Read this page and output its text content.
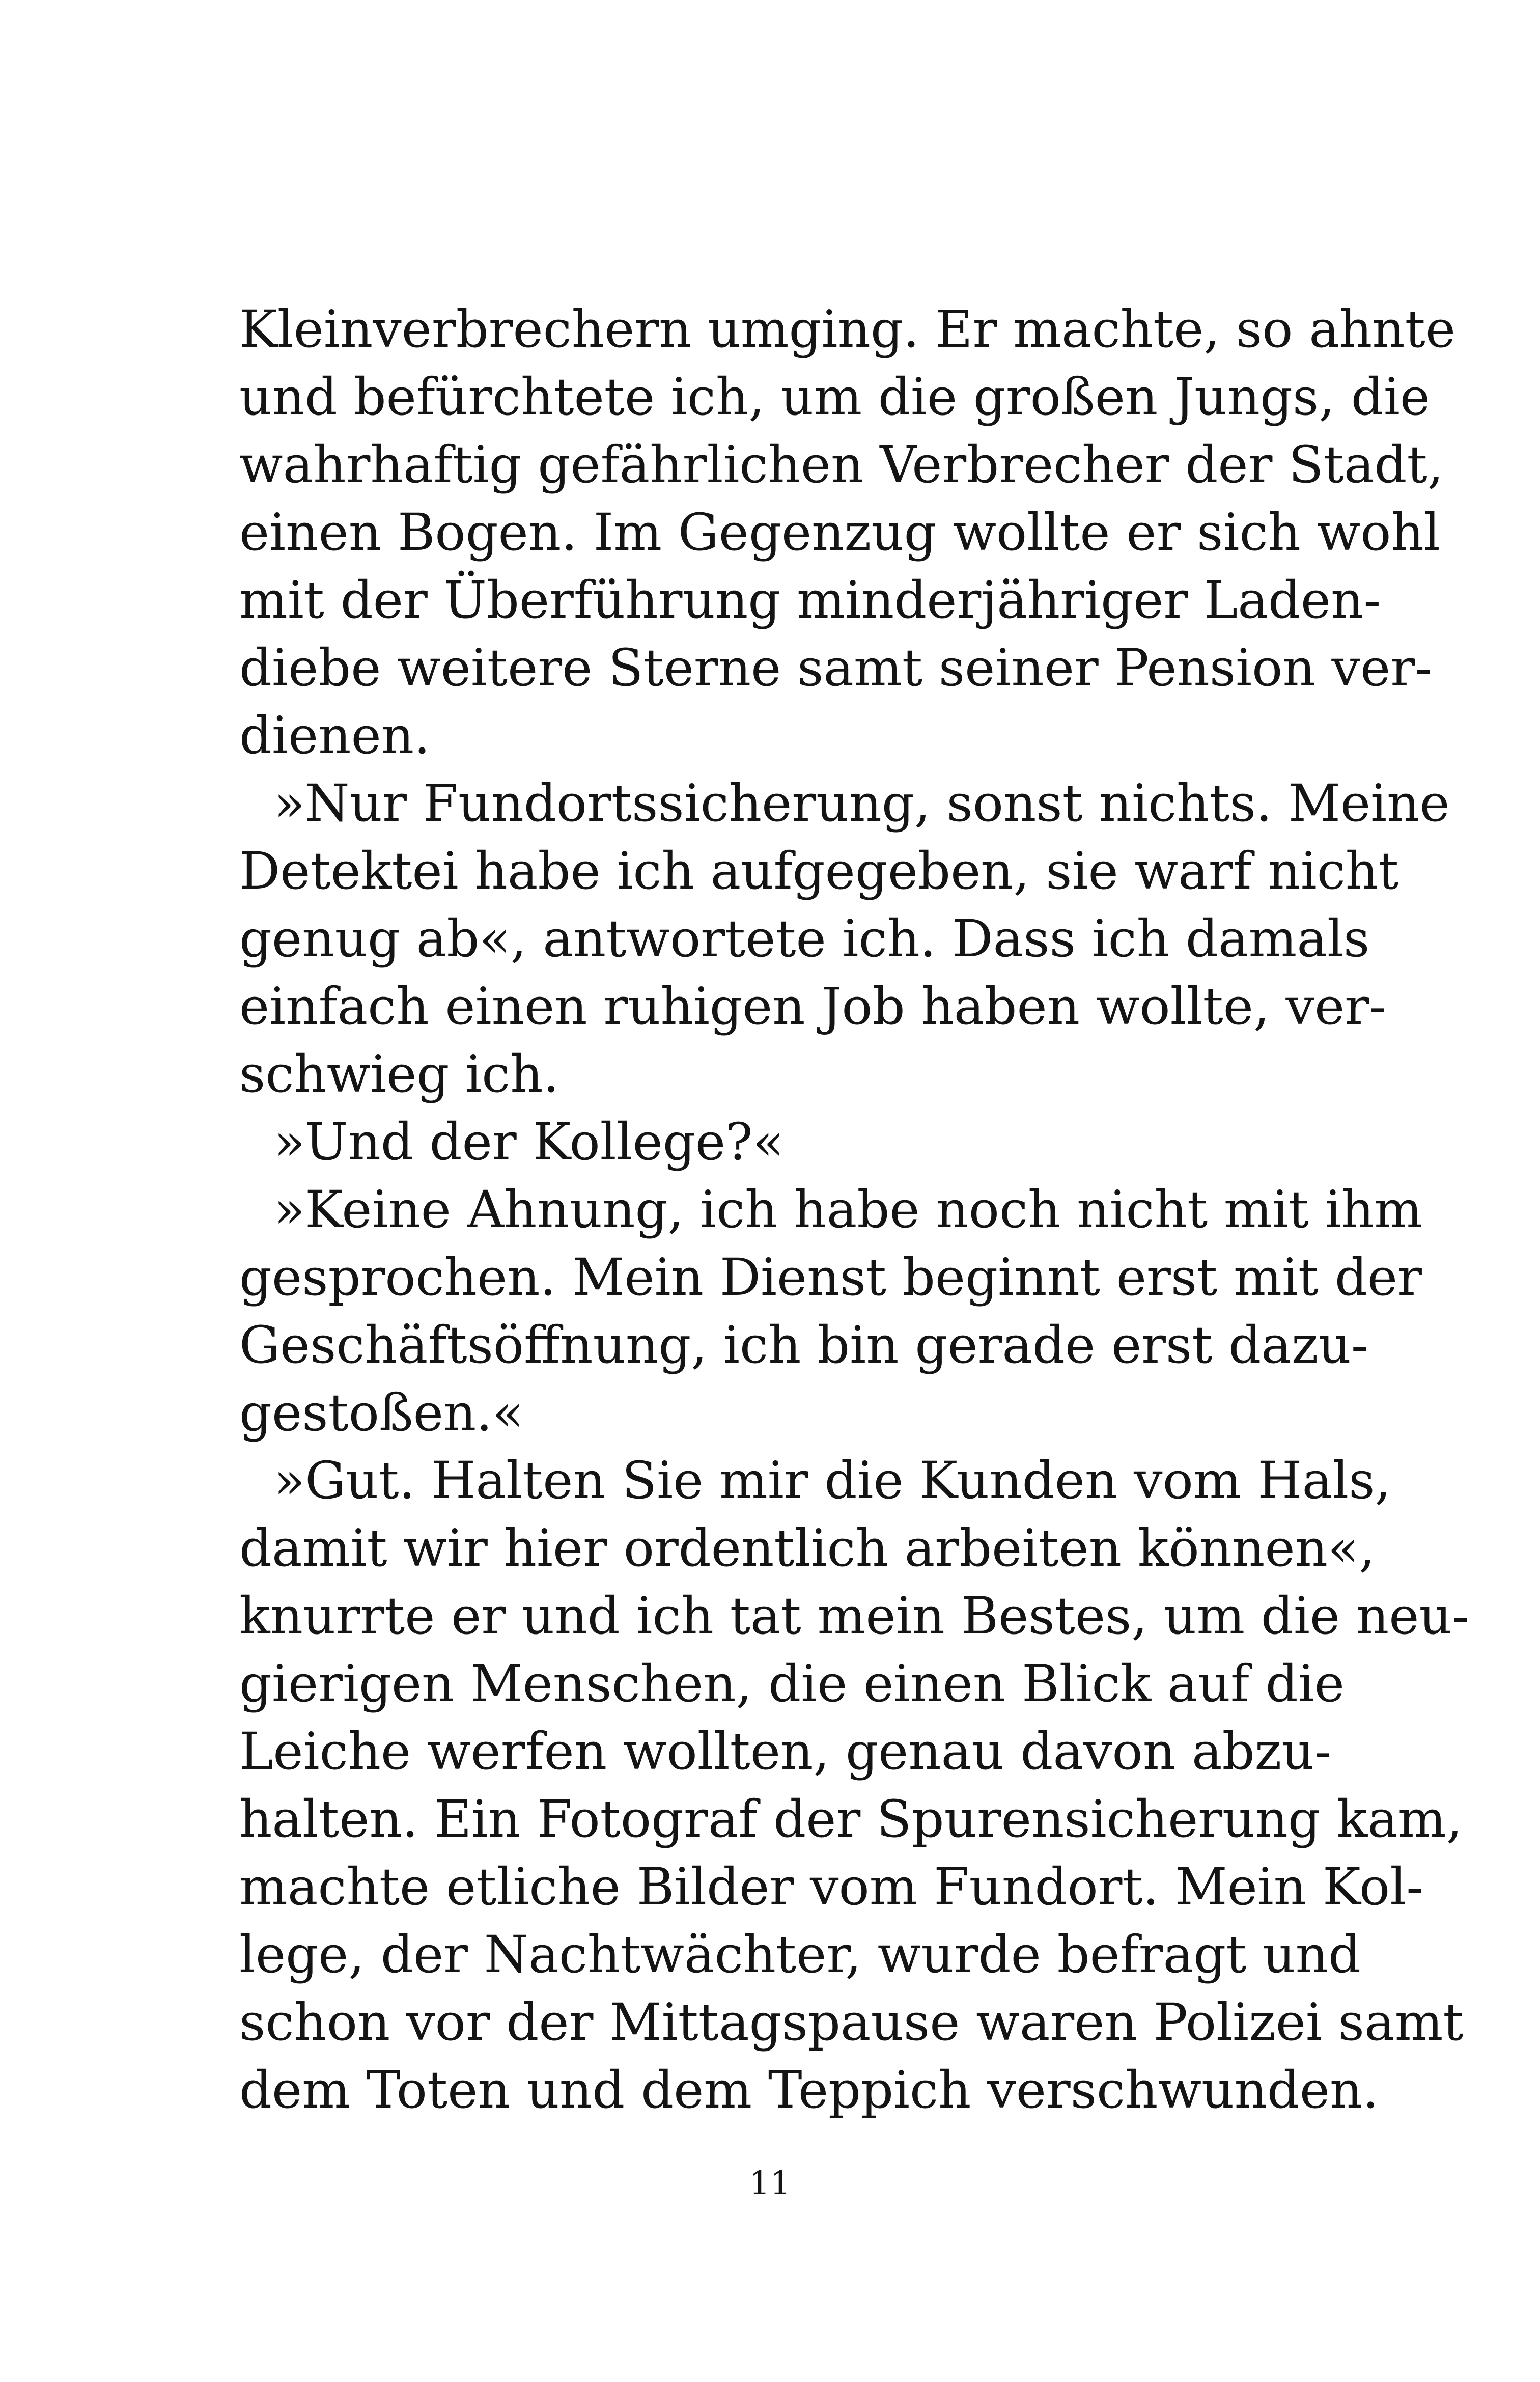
Kleinverbrechern umging. Er machte, so ahnte
und befürchtete ich, um die großen Jungs, die
wahrhaftig gefährlichen Verbrecher der Stadt,
einen Bogen. Im Gegenzug wollte er sich wohl
mit der Überführung minderjähriger Laden-
diebe weitere Sterne samt seiner Pension ver-
dienen.
»Nur Fundortssicherung, sonst nichts. Meine
Detektei habe ich aufgegeben, sie warf nicht
genug ab«, antwortete ich. Dass ich damals
einfach einen ruhigen Job haben wollte, ver-
schwieg ich.
»Und der Kollege?«
»Keine Ahnung, ich habe noch nicht mit ihm
gesprochen. Mein Dienst beginnt erst mit der
Geschäftsöffnung, ich bin gerade erst dazu-
gestoßen.«
»Gut. Halten Sie mir die Kunden vom Hals,
damit wir hier ordentlich arbeiten können«,
knurrte er und ich tat mein Bestes, um die neu-
gierigen Menschen, die einen Blick auf die
Leiche werfen wollten, genau davon abzu-
halten. Ein Fotograf der Spurensicherung kam,
machte etliche Bilder vom Fundort. Mein Kol-
lege, der Nachtwächter, wurde befragt und
schon vor der Mittagspause waren Polizei samt
dem Toten und dem Teppich verschwunden.
11
